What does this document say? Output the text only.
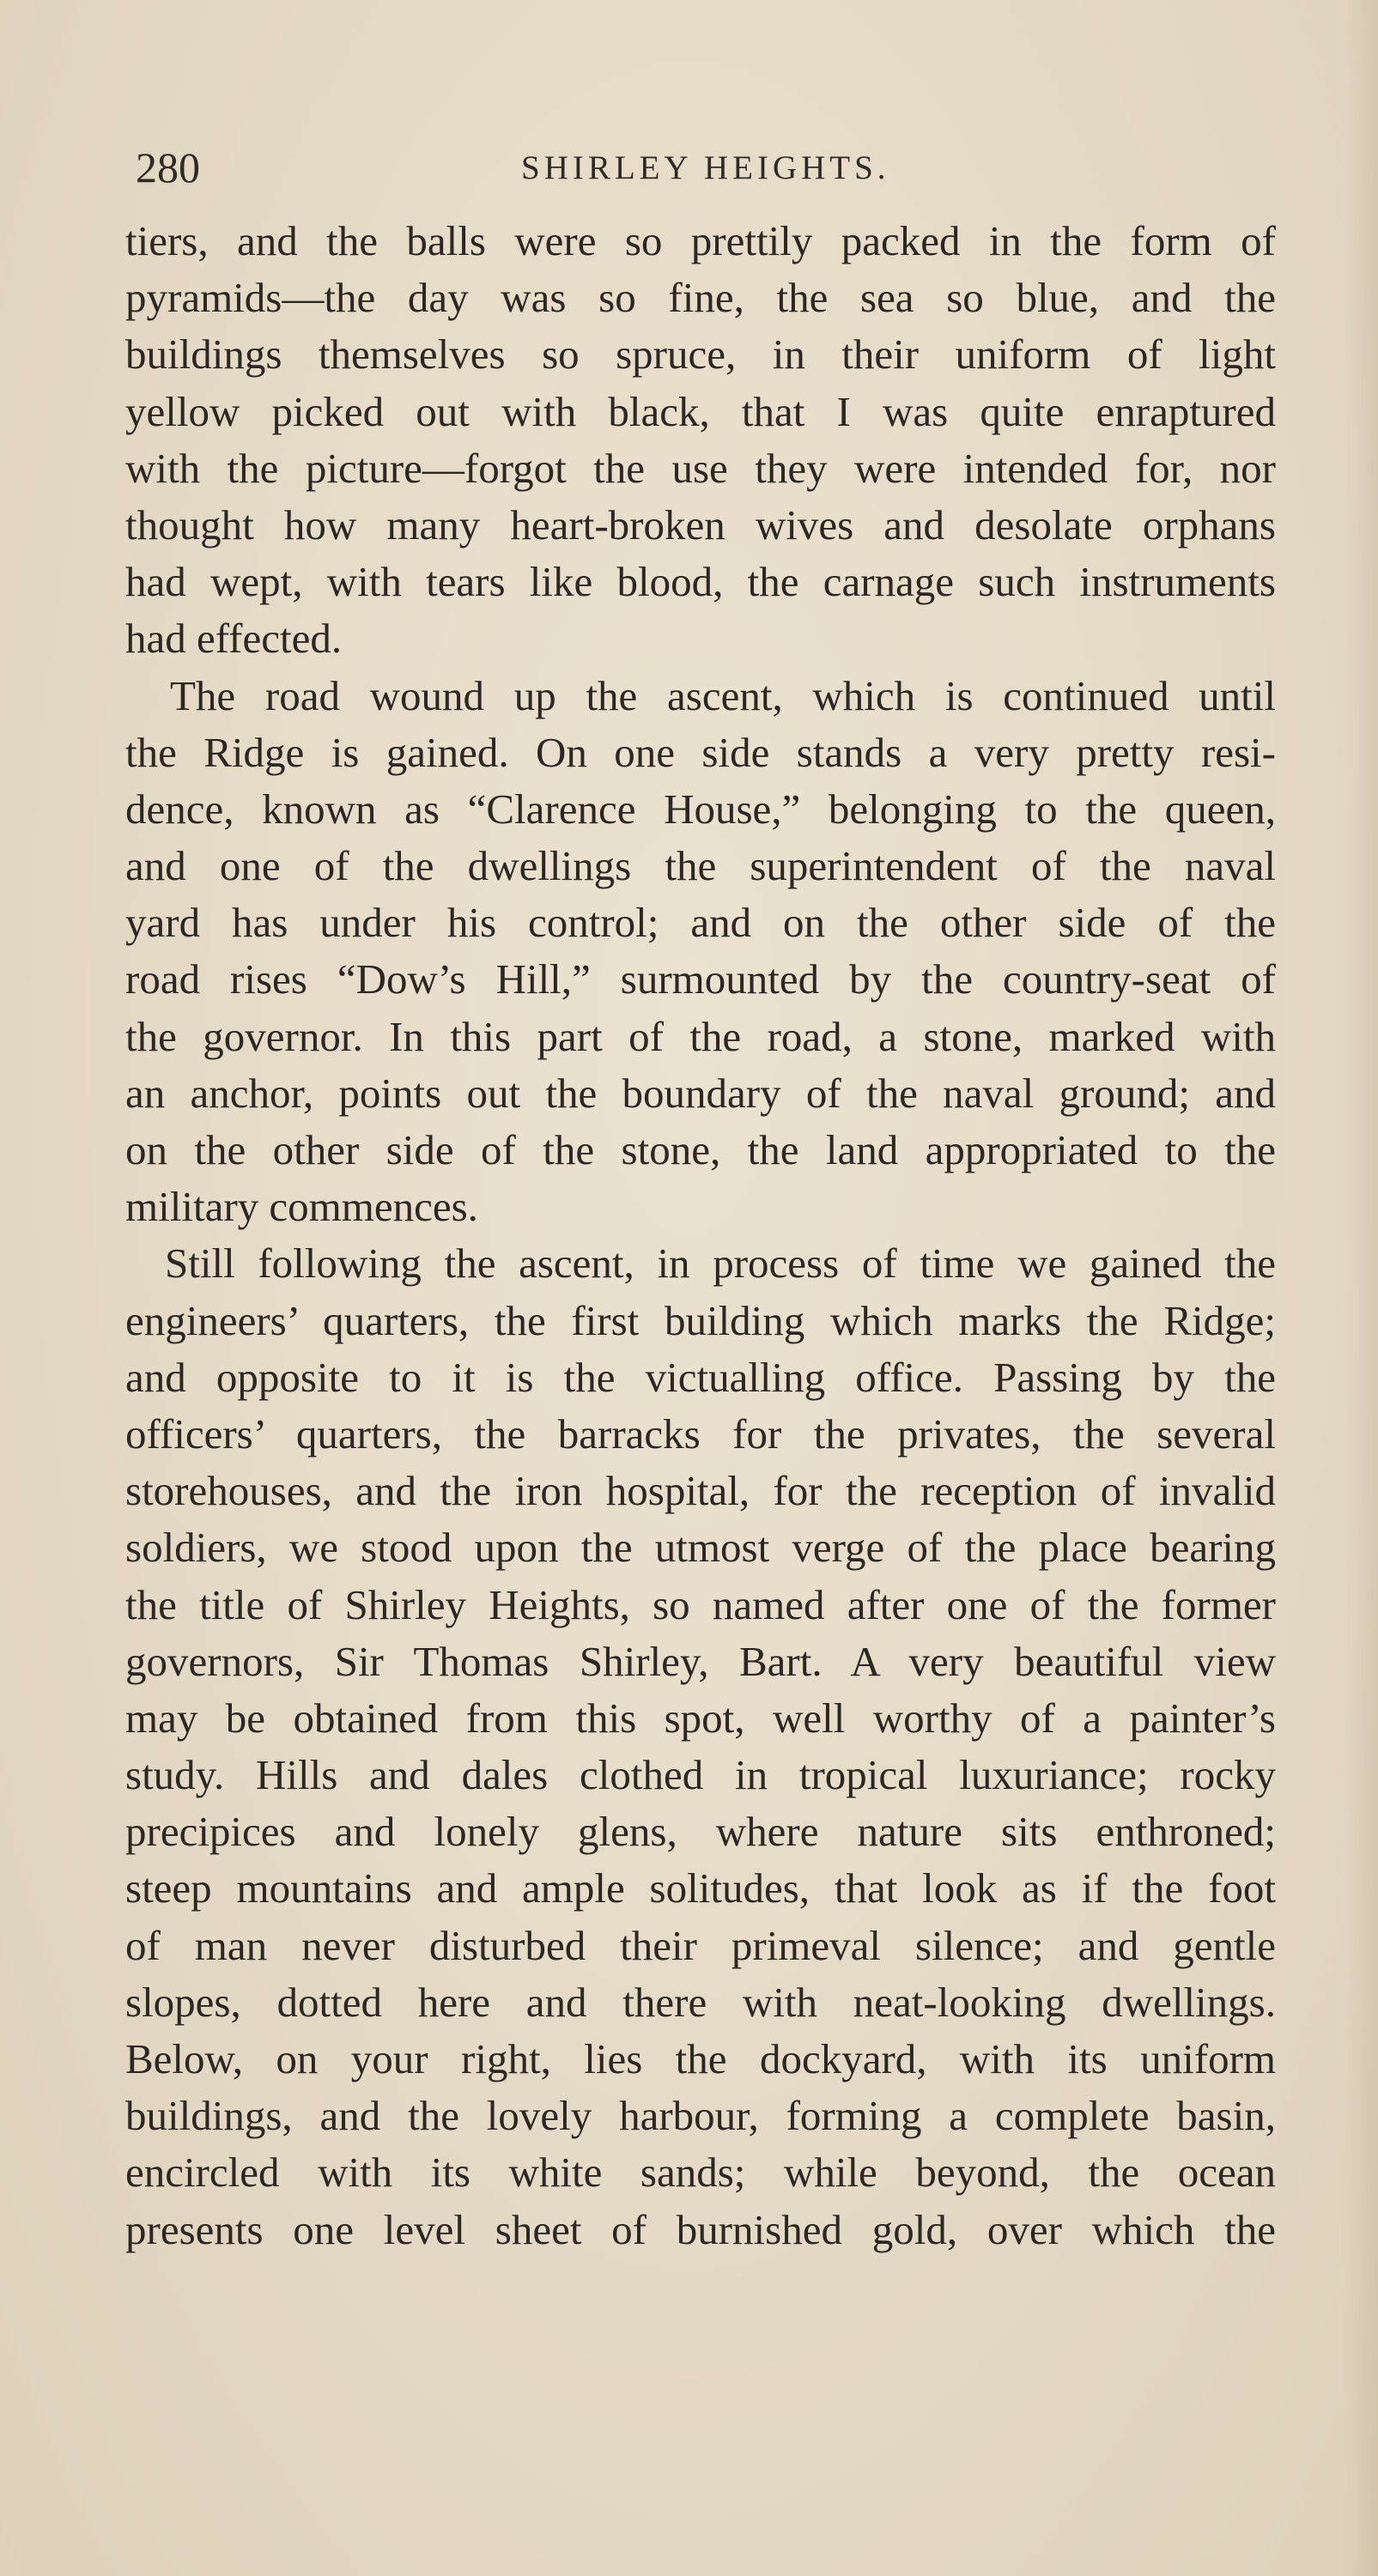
280	SHIRLEY HEIGHTS.
tiers, and the balls were so prettily packed in the form of
pyramids—the day was so fine, the sea so blue, and the
buildings themselves so spruce, in their uniform of light
yellow picked out with black, that I was quite enraptured
with the picture—forgot the use they were intended for, nor
thought how many heart-broken wives and desolate orphans
had wept, with tears like blood, the carnage such instruments
had effected.
The road wound up the ascent, which is continued until
the Ridge is gained. On one side stands a very pretty resi-
dence, known as “Clarence House,” belonging to the queen,
and one of the dwellings the superintendent of the naval
yard has under his control; and on the other side of the
road rises “Dow’s Hill,” surmounted by the country-seat of
the governor. In this part of the road, a stone, marked with
an anchor, points out the boundary of the naval ground; and
on the other side of the stone, the land appropriated to the
military commences.
Still following the ascent, in process of time we gained the
engineers’ quarters, the first building which marks the Ridge;
and opposite to it is the victualling office. Passing by the
officers’ quarters, the barracks for the privates, the several
storehouses, and the iron hospital, for the reception of invalid
soldiers, we stood upon the utmost verge of the place bearing
the title of Shirley Heights, so named after one of the former
governors, Sir Thomas Shirley, Bart. A very beautiful view
may be obtained from this spot, well worthy of a painter’s
study. Hills and dales clothed in tropical luxuriance; rocky
precipices and lonely glens, where nature sits enthroned;
steep mountains and ample solitudes, that look as if the foot
of man never disturbed their primeval silence; and gentle
slopes, dotted here and there with neat-looking dwellings.
Below, on your right, lies the dockyard, with its uniform
buildings, and the lovely harbour, forming a complete basin,
encircled with its white sands; while beyond, the ocean
presents one level sheet of burnished gold, over which the
